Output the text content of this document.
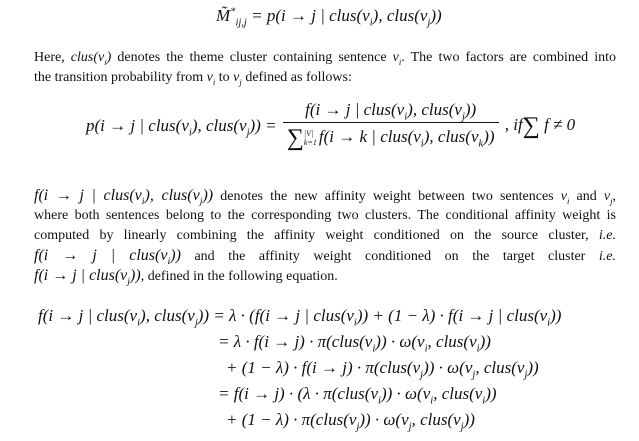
$M̃^*_{ij,j} = p(i \to j$ | $clus(v_i)$, $clus(v_j)$)
Here, $clus(v_i)$ denotes the theme cluster containing sentence $v_i$. The two factors are combined into
the transition probability from $v_i$ to $v_j$ defined as follows:
p(i → j | $clus(v_i)$, $clus(v_j)) = f(i \to j$ | $clus(v_i)$, $clus(v_j)$)
∑ |V|
k=1 f(i → k | $clus(v_i)$, $clus(v_k)$) , if∑ f ≠ 0
f(i → j | $clus(v_i)$, $clus(v_j)$) denotes the new affinity weight between two sentences $v_i$ and $v_j$,
where both sentences belong to the corresponding two clusters. The conditional affinity weight is
computed by linearly combining the affinity weight conditioned on the source cluster, i.e.
f(i → j | $clus(v_i)$) and the affinity weight conditioned on the target cluster i.e.
f(i → j | $clus(v_j)$), defined in the following equation.
f(i → j | $clus(v_i)$, $clus(v_j)) = \lambda \cdot (f(i \to j$ | $clus(v_i)) + (1 - \lambda) \cdot f(i \to j$ | $clus(v_i)$)
= $\lambda \cdot f(i \to j) \cdot \pi(clus(v_i)) \cdot \omega(v_i$, $clus(v_i)$)
+ $(1 - \lambda) \cdot f(i \to j) \cdot \pi(clus(v_j)) \cdot \omega(v_j$, $clus(v_j)$)
= $f(i \to j) \cdot (\lambda \cdot \pi(clus(v_i)) \cdot \omega(v_i$, $clus(v_i)$)
+ $(1 - \lambda) \cdot \pi(clus(v_j)) \cdot \omega(v_j$, $clus(v_j)$)
